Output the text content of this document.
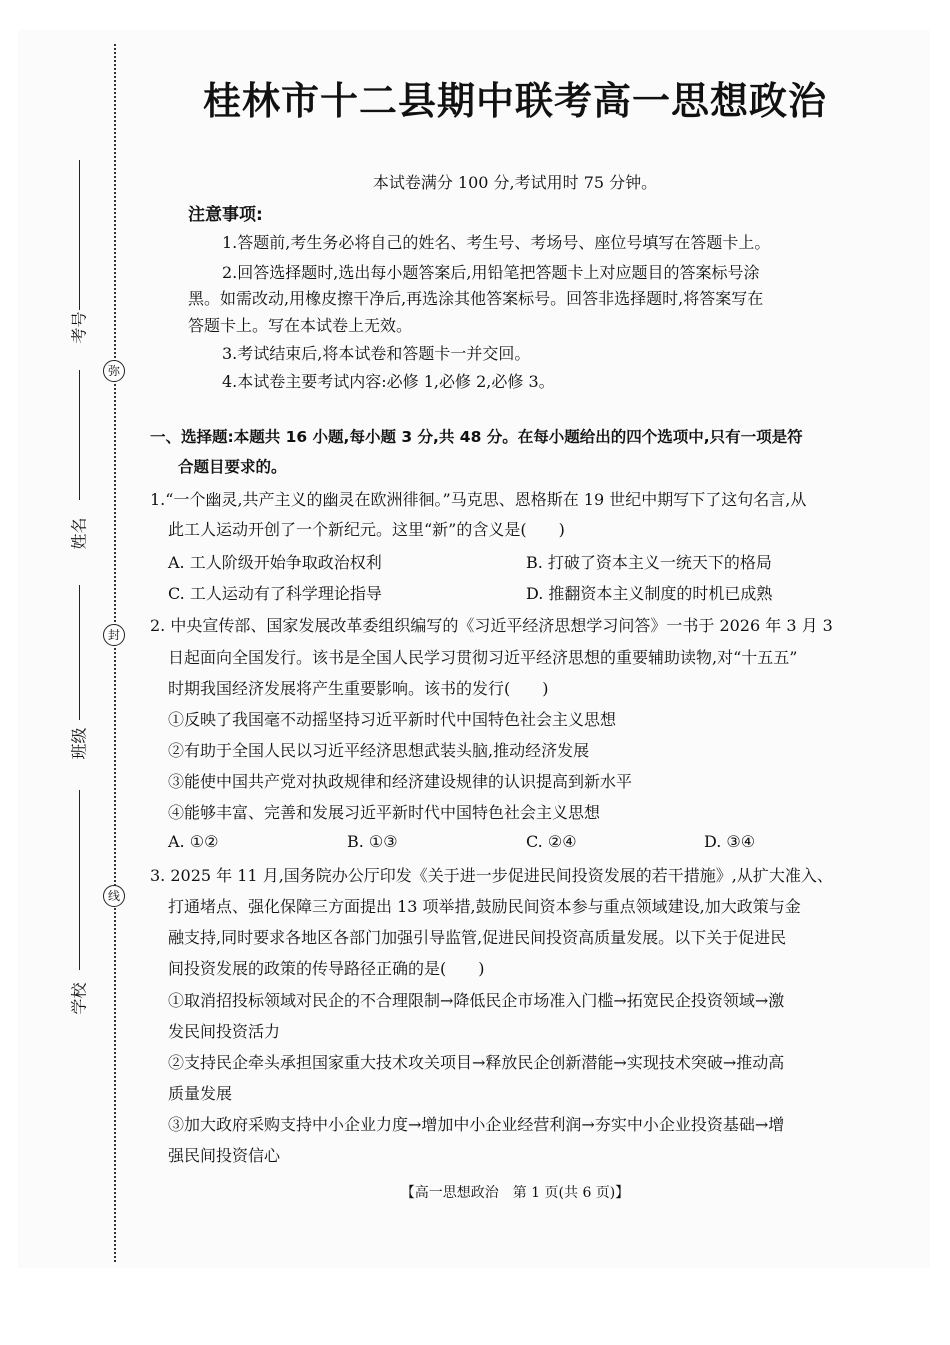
弥
封
线
考号
姓名
班级
学校
桂林市十二县期中联考高一思想政治
本试卷满分 100 分,考试用时 75 分钟。
注意事项:
1.答题前,考生务必将自己的姓名、考生号、考场号、座位号填写在答题卡上。
2.回答选择题时,选出每小题答案后,用铅笔把答题卡上对应题目的答案标号涂
黑。如需改动,用橡皮擦干净后,再选涂其他答案标号。回答非选择题时,将答案写在
答题卡上。写在本试卷上无效。
3.考试结束后,将本试卷和答题卡一并交回。
4.本试卷主要考试内容:必修 1,必修 2,必修 3。
一、选择题:本题共 16 小题,每小题 3 分,共 48 分。在每小题给出的四个选项中,只有一项是符
合题目要求的。
1.“一个幽灵,共产主义的幽灵在欧洲徘徊。”马克思、恩格斯在 19 世纪中期写下了这句名言,从
此工人运动开创了一个新纪元。这里“新”的含义是(　　)
A. 工人阶级开始争取政治权利	B. 打破了资本主义一统天下的格局
C. 工人运动有了科学理论指导	D. 推翻资本主义制度的时机已成熟
2. 中央宣传部、国家发展改革委组织编写的《习近平经济思想学习问答》一书于 2026 年 3 月 3
日起面向全国发行。该书是全国人民学习贯彻习近平经济思想的重要辅助读物,对“十五五”
时期我国经济发展将产生重要影响。该书的发行(　　)
①反映了我国毫不动摇坚持习近平新时代中国特色社会主义思想
②有助于全国人民以习近平经济思想武装头脑,推动经济发展
③能使中国共产党对执政规律和经济建设规律的认识提高到新水平
④能够丰富、完善和发展习近平新时代中国特色社会主义思想
A. ①②	B. ①③	C. ②④	D. ③④
3. 2025 年 11 月,国务院办公厅印发《关于进一步促进民间投资发展的若干措施》,从扩大准入、
打通堵点、强化保障三方面提出 13 项举措,鼓励民间资本参与重点领域建设,加大政策与金
融支持,同时要求各地区各部门加强引导监管,促进民间投资高质量发展。以下关于促进民
间投资发展的政策的传导路径正确的是(　　)
①取消招投标领域对民企的不合理限制→降低民企市场准入门槛→拓宽民企投资领域→激
发民间投资活力
②支持民企牵头承担国家重大技术攻关项目→释放民企创新潜能→实现技术突破→推动高
质量发展
③加大政府采购支持中小企业力度→增加中小企业经营利润→夯实中小企业投资基础→增
强民间投资信心
【高一思想政治　第 1 页(共 6 页)】
